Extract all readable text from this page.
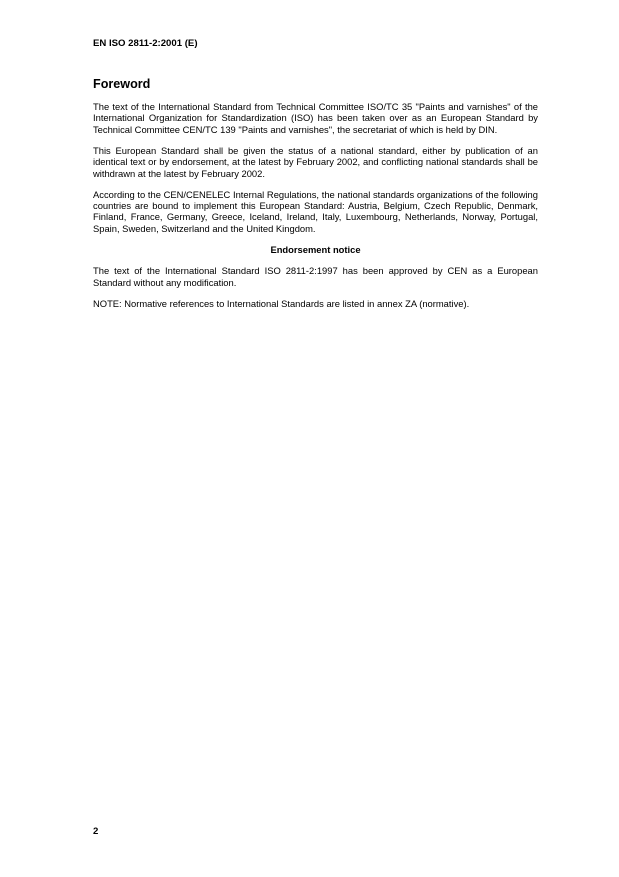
EN ISO 2811-2:2001 (E)

Foreword

The text of the International Standard from Technical Committee ISO/TC 35 "Paints and varnishes" of the International Organization for Standardization (ISO) has been taken over as an European Standard by Technical Committee CEN/TC 139 "Paints and varnishes", the secretariat of which is held by DIN.

This European Standard shall be given the status of a national standard, either by publication of an identical text or by endorsement, at the latest by February 2002, and conflicting national standards shall be withdrawn at the latest by February 2002.

According to the CEN/CENELEC Internal Regulations, the national standards organizations of the following countries are bound to implement this European Standard: Austria, Belgium, Czech Republic, Denmark, Finland, France, Germany, Greece, Iceland, Ireland, Italy, Luxembourg, Netherlands, Norway, Portugal, Spain, Sweden, Switzerland and the United Kingdom.

Endorsement notice

The text of the International Standard ISO 2811-2:1997 has been approved by CEN as a European Standard without any modification.

NOTE: Normative references to International Standards are listed in annex ZA (normative).

2
